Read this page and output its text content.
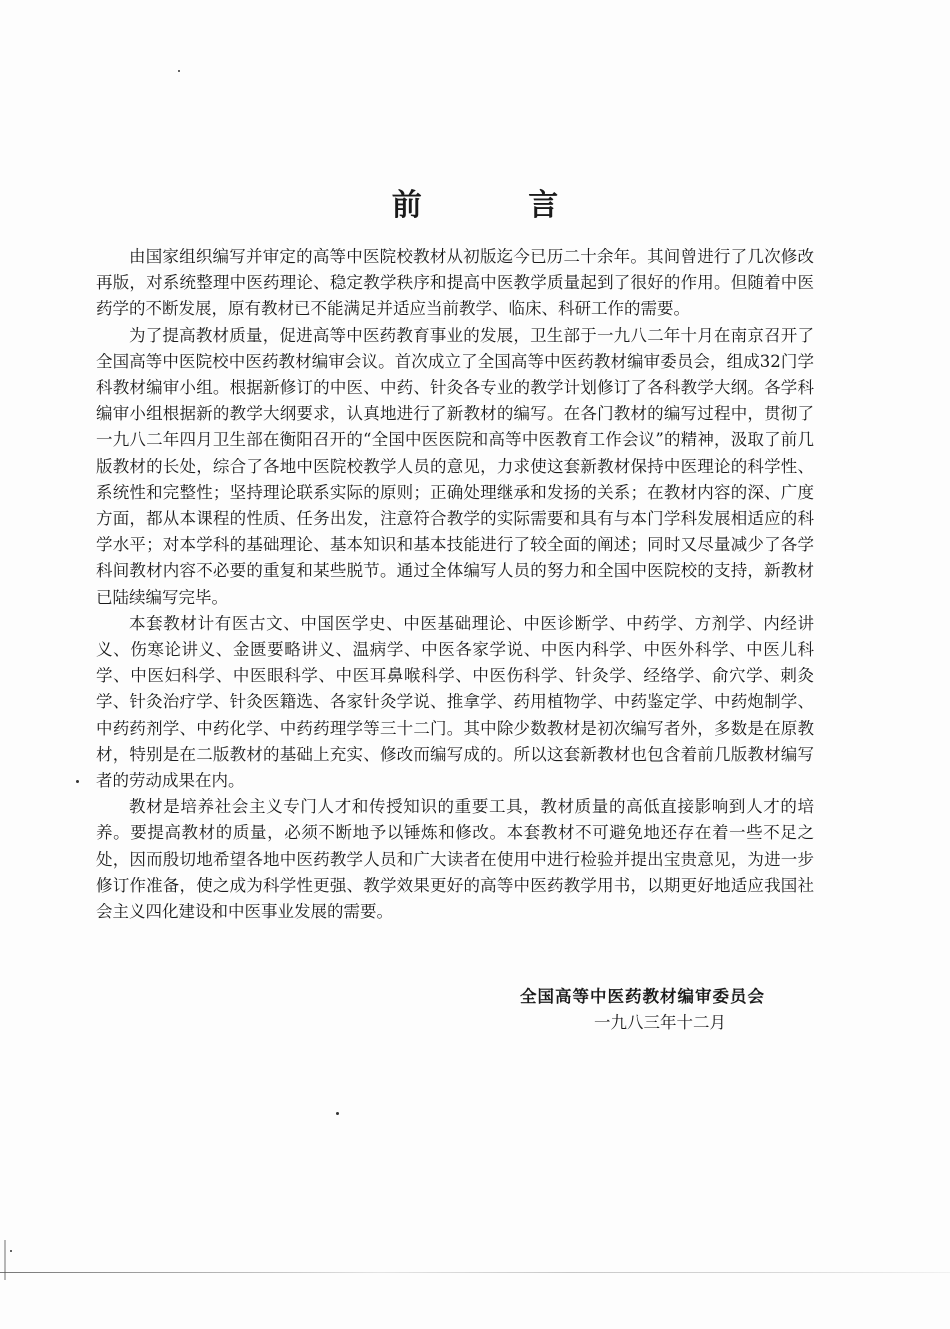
前 言

由国家组织编写并审定的高等中医院校教材从初版迄今已历二十余年。其间曾进行了几次修改再版，对系统整理中医药理论、稳定教学秩序和提高中医教学质量起到了很好的作用。但随着中医药学的不断发展，原有教材已不能满足并适应当前教学、临床、科研工作的需要。

为了提高教材质量，促进高等中医药教育事业的发展，卫生部于一九八二年十月在南京召开了全国高等中医院校中医药教材编审会议。首次成立了全国高等中医药教材编审委员会，组成32门学科教材编审小组。根据新修订的中医、中药、针灸各专业的教学计划修订了各科教学大纲。各学科编审小组根据新的教学大纲要求，认真地进行了新教材的编写。在各门教材的编写过程中，贯彻了一九八二年四月卫生部在衡阳召开的“全国中医医院和高等中医教育工作会议”的精神，汲取了前几版教材的长处，综合了各地中医院校教学人员的意见，力求使这套新教材保持中医理论的科学性、系统性和完整性；坚持理论联系实际的原则；正确处理继承和发扬的关系；在教材内容的深、广度方面，都从本课程的性质、任务出发，注意符合教学的实际需要和具有与本门学科发展相适应的科学水平；对本学科的基础理论、基本知识和基本技能进行了较全面的阐述；同时又尽量减少了各学科间教材内容不必要的重复和某些脱节。通过全体编写人员的努力和全国中医院校的支持，新教材已陆续编写完毕。

本套教材计有医古文、中国医学史、中医基础理论、中医诊断学、中药学、方剂学、内经讲义、伤寒论讲义、金匮要略讲义、温病学、中医各家学说、中医内科学、中医外科学、中医儿科学、中医妇科学、中医眼科学、中医耳鼻喉科学、中医伤科学、针灸学、经络学、俞穴学、刺灸学、针灸治疗学、针灸医籍选、各家针灸学说、推拿学、药用植物学、中药鉴定学、中药炮制学、中药药剂学、中药化学、中药药理学等三十二门。其中除少数教材是初次编写者外，多数是在原教材，特别是在二版教材的基础上充实、修改而编写成的。所以这套新教材也包含着前几版教材编写者的劳动成果在内。

教材是培养社会主义专门人才和传授知识的重要工具，教材质量的高低直接影响到人才的培养。要提高教材的质量，必须不断地予以锤炼和修改。本套教材不可避免地还存在着一些不足之处，因而殷切地希望各地中医药教学人员和广大读者在使用中进行检验并提出宝贵意见，为进一步修订作准备，使之成为科学性更强、教学效果更好的高等中医药教学用书，以期更好地适应我国社会主义四化建设和中医事业发展的需要。

全国高等中医药教材编审委员会
一九八三年十二月
